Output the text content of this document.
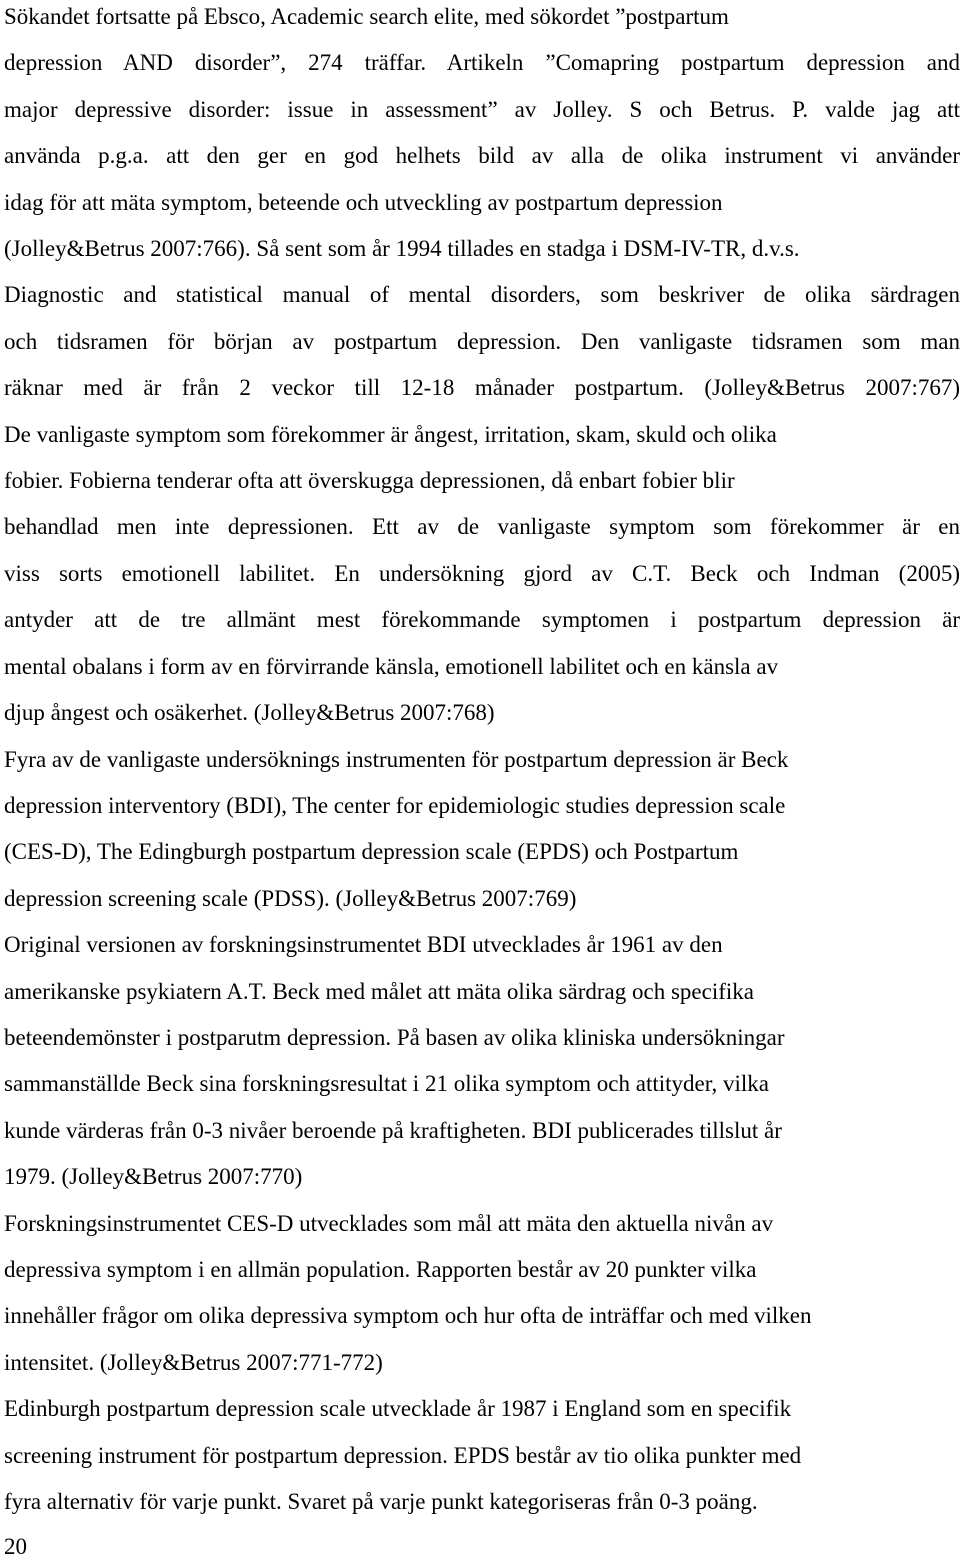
Sökandet fortsatte på Ebsco, Academic search elite, med sökordet ”postpartum
depression AND disorder”, 274 träffar. Artikeln ”Comapring postpartum depression and
major depressive disorder: issue in assessment” av Jolley. S och Betrus. P. valde jag att
använda p.g.a. att den ger en god helhets bild av alla de olika instrument vi använder
idag för att mäta symptom, beteende och utveckling av postpartum depression
(Jolley&Betrus 2007:766). Så sent som år 1994 tillades en stadga i DSM-IV-TR, d.v.s.
Diagnostic and statistical manual of mental disorders, som beskriver de olika särdragen
och tidsramen för början av postpartum depression. Den vanligaste tidsramen som man
räknar med är från 2 veckor till 12-18 månader postpartum. (Jolley&Betrus 2007:767)
De vanligaste symptom som förekommer är ångest, irritation, skam, skuld och olika
fobier. Fobierna tenderar ofta att överskugga depressionen, då enbart fobier blir
behandlad men inte depressionen. Ett av de vanligaste symptom som förekommer är en
viss sorts emotionell labilitet. En undersökning gjord av C.T. Beck och Indman (2005)
antyder att de tre allmänt mest förekommande symptomen i postpartum depression är
mental obalans i form av en förvirrande känsla, emotionell labilitet och en känsla av
djup ångest och osäkerhet. (Jolley&Betrus 2007:768)
Fyra av de vanligaste undersöknings instrumenten för postpartum depression är Beck
depression interventory (BDI), The center for epidemiologic studies depression scale
(CES-D), The Edingburgh postpartum depression scale (EPDS) och Postpartum
depression screening scale (PDSS). (Jolley&Betrus 2007:769)
Original versionen av forskningsinstrumentet BDI utvecklades år 1961 av den
amerikanske psykiatern A.T. Beck med målet att mäta olika särdrag och specifika
beteendemönster i postparutm depression. På basen av olika kliniska undersökningar
sammanställde Beck sina forskningsresultat i 21 olika symptom och attityder, vilka
kunde värderas från 0-3 nivåer beroende på kraftigheten. BDI publicerades tillslut år
1979. (Jolley&Betrus 2007:770)
Forskningsinstrumentet CES-D utvecklades som mål att mäta den aktuella nivån av
depressiva symptom i en allmän population. Rapporten består av 20 punkter vilka
innehåller frågor om olika depressiva symptom och hur ofta de inträffar och med vilken
intensitet. (Jolley&Betrus 2007:771-772)
Edinburgh postpartum depression scale utvecklade år 1987 i England som en specifik
screening instrument för postpartum depression. EPDS består av tio olika punkter med
fyra alternativ för varje punkt. Svaret på varje punkt kategoriseras från 0-3 poäng.
20
